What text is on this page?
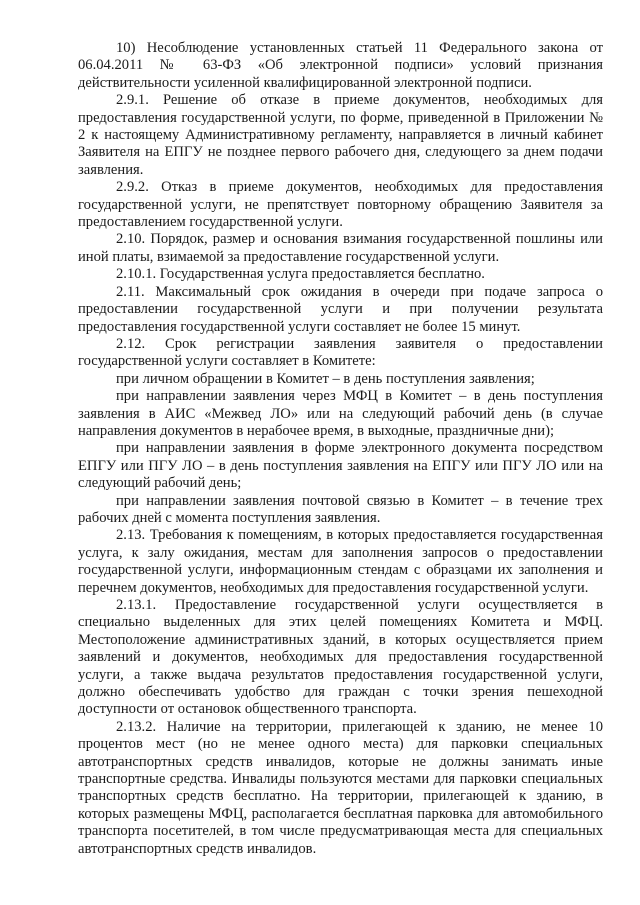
10) Несоблюдение установленных статьей 11 Федерального закона от 06.04.2011 № 63-ФЗ «Об электронной подписи» условий признания действительности усиленной квалифицированной электронной подписи.

2.9.1. Решение об отказе в приеме документов, необходимых для предоставления государственной услуги, по форме, приведенной в Приложении № 2 к настоящему Административному регламенту, направляется в личный кабинет Заявителя на ЕПГУ не позднее первого рабочего дня, следующего за днем подачи заявления.

2.9.2. Отказ в приеме документов, необходимых для предоставления государственной услуги, не препятствует повторному обращению Заявителя за предоставлением государственной услуги.

2.10. Порядок, размер и основания взимания государственной пошлины или иной платы, взимаемой за предоставление государственной услуги.

2.10.1. Государственная услуга предоставляется бесплатно.

2.11. Максимальный срок ожидания в очереди при подаче запроса о предоставлении государственной услуги и при получении результата предоставления государственной услуги составляет не более 15 минут.

2.12. Срок регистрации заявления заявителя о предоставлении государственной услуги составляет в Комитете:

при личном обращении в Комитет – в день поступления заявления;

при направлении заявления через МФЦ в Комитет – в день поступления заявления в АИС «Межвед ЛО» или на следующий рабочий день (в случае направления документов в нерабочее время, в выходные, праздничные дни);

при направлении заявления в форме электронного документа посредством ЕПГУ или ПГУ ЛО – в день поступления заявления на ЕПГУ или ПГУ ЛО или на следующий рабочий день;

при направлении заявления почтовой связью в Комитет – в течение трех рабочих дней с момента поступления заявления.

2.13. Требования к помещениям, в которых предоставляется государственная услуга, к залу ожидания, местам для заполнения запросов о предоставлении государственной услуги, информационным стендам с образцами их заполнения и перечнем документов, необходимых для предоставления государственной услуги.

2.13.1. Предоставление государственной услуги осуществляется в специально выделенных для этих целей помещениях Комитета и МФЦ. Местоположение административных зданий, в которых осуществляется прием заявлений и документов, необходимых для предоставления государственной услуги, а также выдача результатов предоставления государственной услуги, должно обеспечивать удобство для граждан с точки зрения пешеходной доступности от остановок общественного транспорта.

2.13.2. Наличие на территории, прилегающей к зданию, не менее 10 процентов мест (но не менее одного места) для парковки специальных автотранспортных средств инвалидов, которые не должны занимать иные транспортные средства. Инвалиды пользуются местами для парковки специальных транспортных средств бесплатно. На территории, прилегающей к зданию, в которых размещены МФЦ, располагается бесплатная парковка для автомобильного транспорта посетителей, в том числе предусматривающая места для специальных автотранспортных средств инвалидов.
